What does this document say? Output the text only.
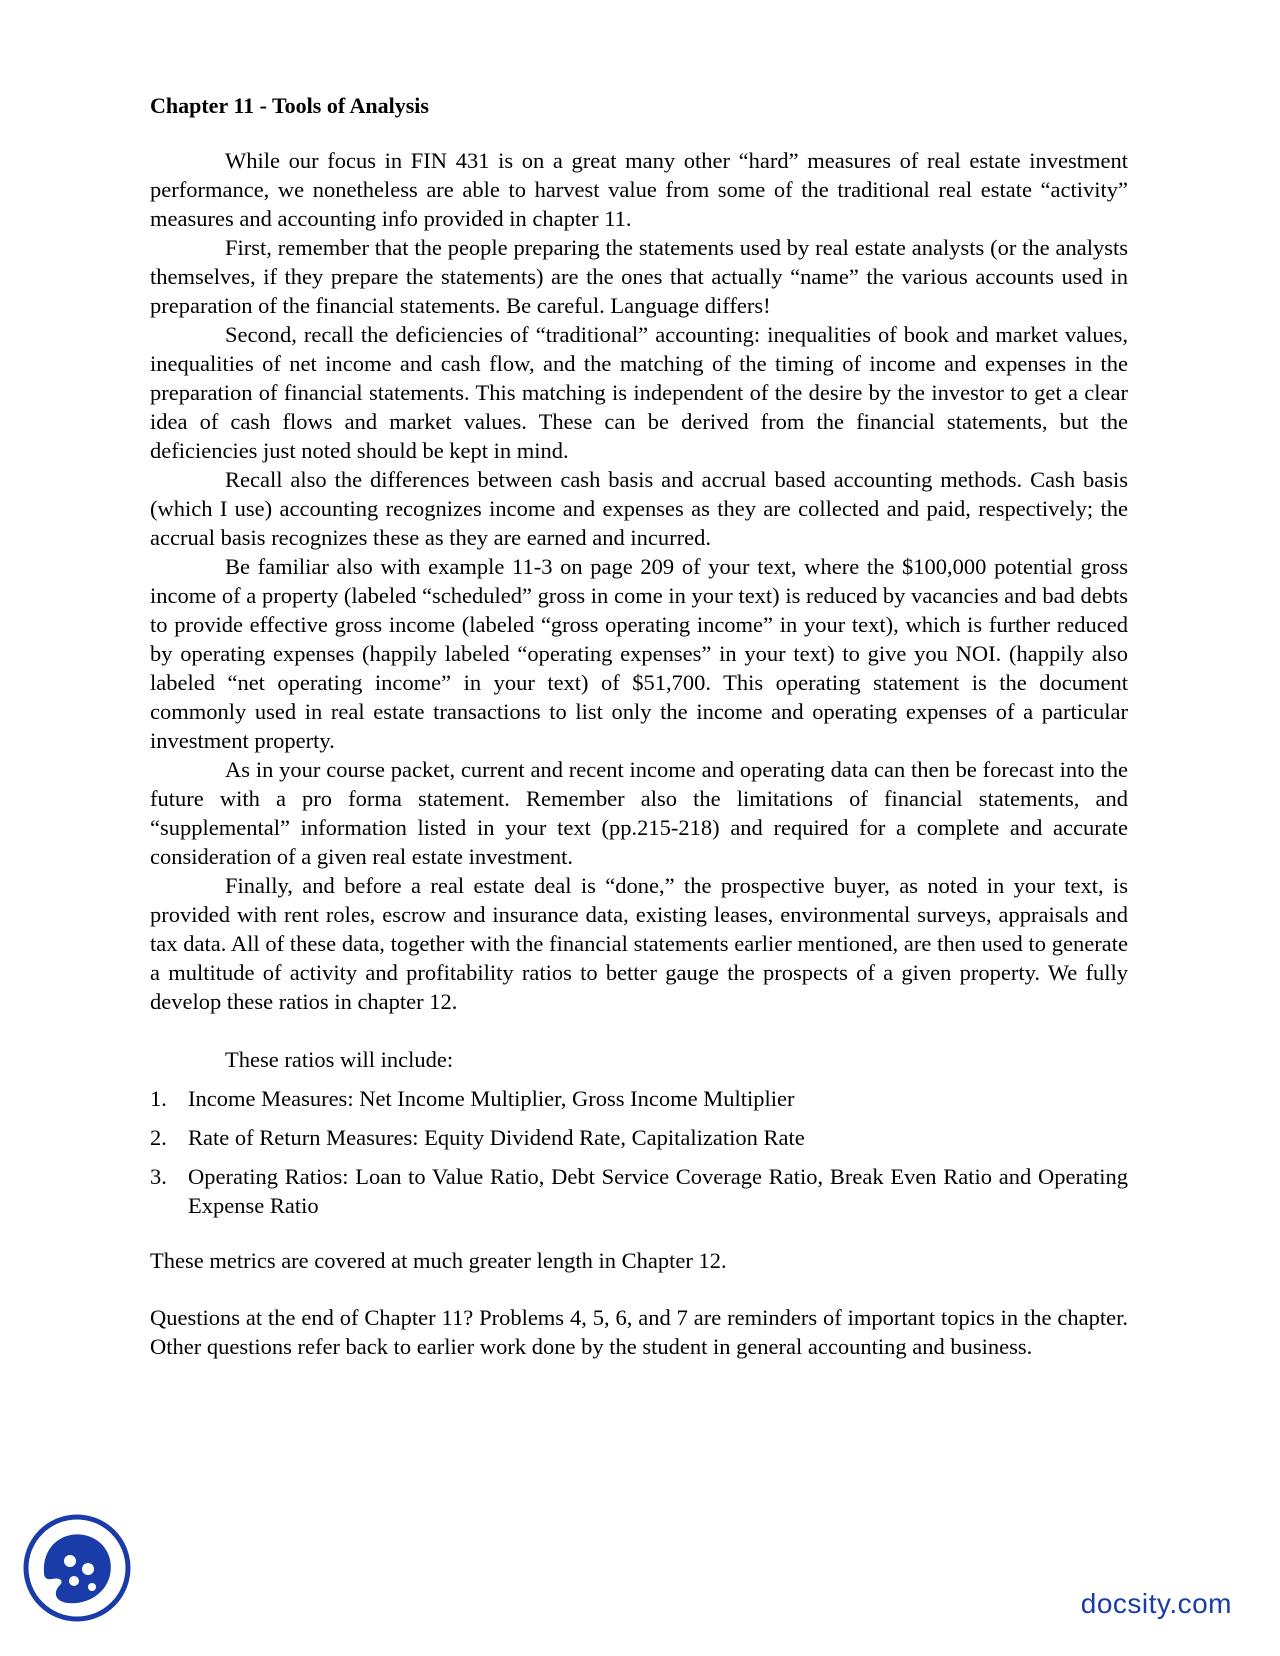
Chapter 11 - Tools of Analysis

While our focus in FIN 431 is on a great many other “hard” measures of real estate investment performance, we nonetheless are able to harvest value from some of the traditional real estate “activity” measures and accounting info provided in chapter 11.

First, remember that the people preparing the statements used by real estate analysts (or the analysts themselves, if they prepare the statements) are the ones that actually “name” the various accounts used in preparation of the financial statements. Be careful. Language differs!

Second, recall the deficiencies of “traditional” accounting: inequalities of book and market values, inequalities of net income and cash flow, and the matching of the timing of income and expenses in the preparation of financial statements. This matching is independent of the desire by the investor to get a clear idea of cash flows and market values. These can be derived from the financial statements, but the deficiencies just noted should be kept in mind.

Recall also the differences between cash basis and accrual based accounting methods. Cash basis (which I use) accounting recognizes income and expenses as they are collected and paid, respectively; the accrual basis recognizes these as they are earned and incurred.

Be familiar also with example 11-3 on page 209 of your text, where the $100,000 potential gross income of a property (labeled “scheduled” gross in come in your text) is reduced by vacancies and bad debts to provide effective gross income (labeled “gross operating income” in your text), which is further reduced by operating expenses (happily labeled “operating expenses” in your text) to give you NOI. (happily also labeled “net operating income” in your text) of $51,700. This operating statement is the document commonly used in real estate transactions to list only the income and operating expenses of a particular investment property.

As in your course packet, current and recent income and operating data can then be forecast into the future with a pro forma statement. Remember also the limitations of financial statements, and “supplemental” information listed in your text (pp.215-218) and required for a complete and accurate consideration of a given real estate investment.

Finally, and before a real estate deal is “done,” the prospective buyer, as noted in your text, is provided with rent roles, escrow and insurance data, existing leases, environmental surveys, appraisals and tax data. All of these data, together with the financial statements earlier mentioned, are then used to generate a multitude of activity and profitability ratios to better gauge the prospects of a given property. We fully develop these ratios in chapter 12.

These ratios will include:

1. Income Measures: Net Income Multiplier, Gross Income Multiplier
2. Rate of Return Measures: Equity Dividend Rate, Capitalization Rate
3. Operating Ratios: Loan to Value Ratio, Debt Service Coverage Ratio, Break Even Ratio and Operating Expense Ratio

These metrics are covered at much greater length in Chapter 12.

Questions at the end of Chapter 11? Problems 4, 5, 6, and 7 are reminders of important topics in the chapter. Other questions refer back to earlier work done by the student in general accounting and business.

docsity.com
